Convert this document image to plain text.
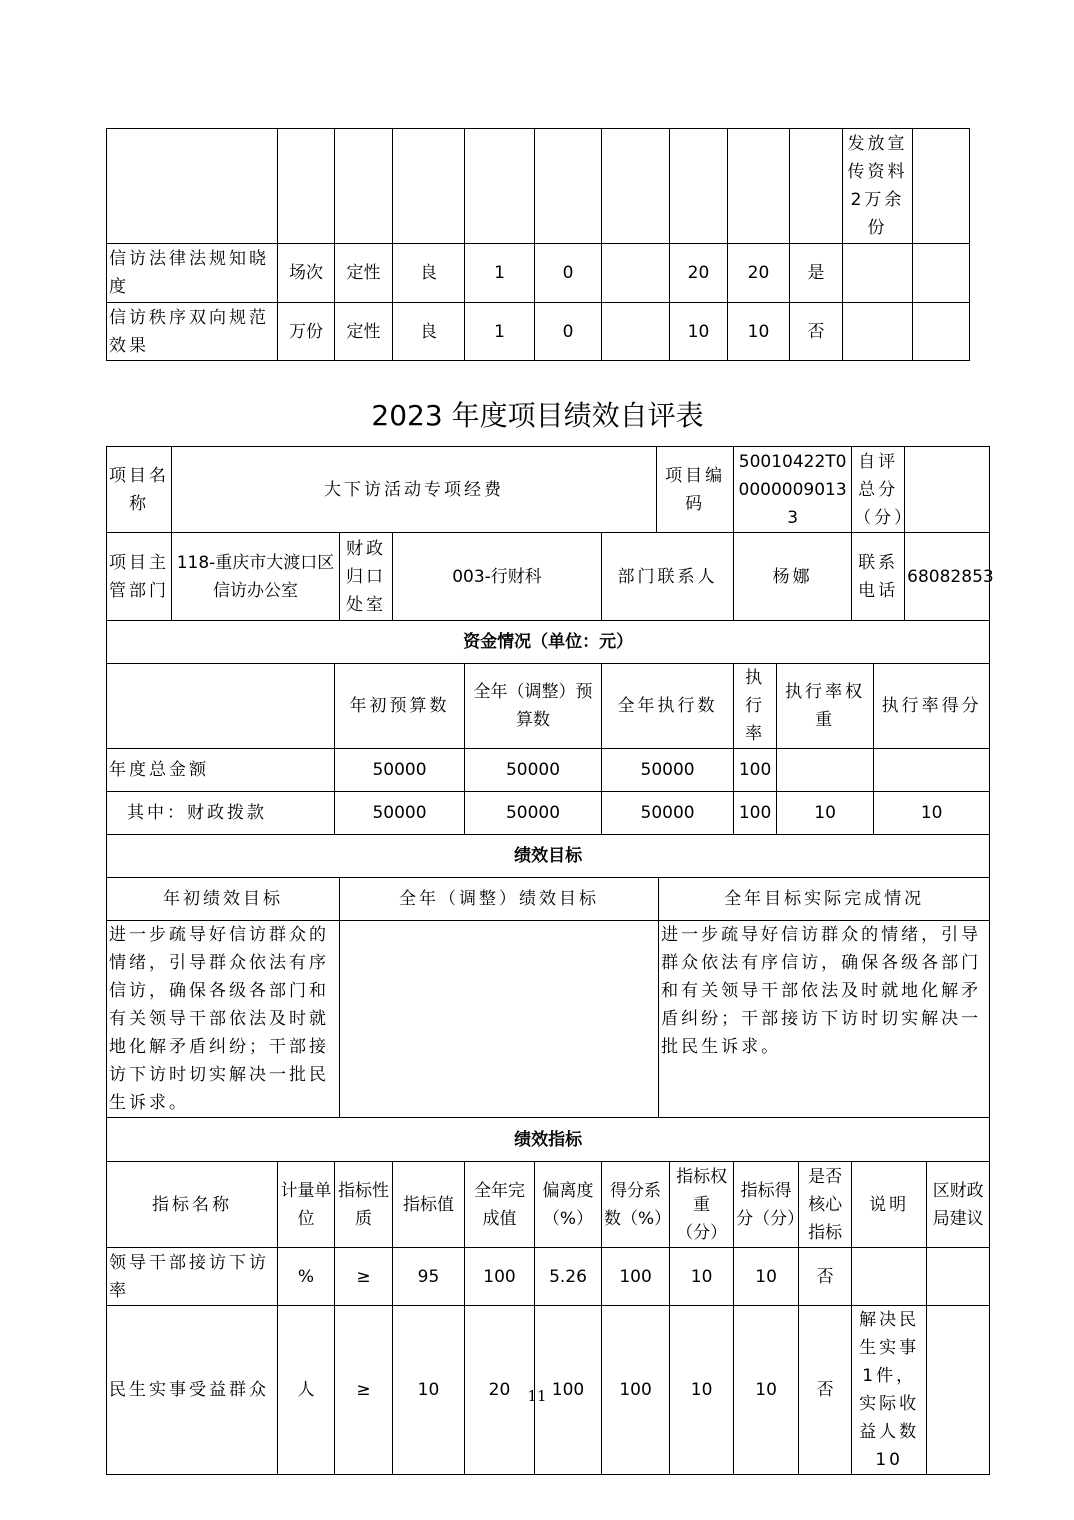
										发放宣传资料2万余份	
信访法律法规知晓度	场次	定性	良	1	0		20	20	是		
信访秩序双向规范效果	万份	定性	良	1	0		10	10	否		
2023 年度项目绩效自评表
项目名称	大下访活动专项经费								项目编码			50010422T000000090133			自评总分（分）			
项目主管部门	118-重庆市大渡口区信访办公室			财政归口处室	003-行财科			部门联系人				杨娜			联系电话		68082853	
资金情况（单位：元）																		
			年初预算数			全年（调整）预算数		全年执行数				执行率	执行率权重			执行率得分		
年度总金额			50000			50000		50000				100						
其中：财政拨款			50000			50000		50000				100	10			10		
绩效目标																		
年初绩效目标				全年（调整）绩效目标						全年目标实际完成情况								
进一步疏导好信访群众的情绪，引导群众依法有序信访，确保各级各部门和有关领导干部依法及时就地化解矛盾纠纷；干部接访下访时切实解决一批民生诉求。										进一步疏导好信访群众的情绪，引导群众依法有序信访，确保各级各部门和有关领导干部依法及时就地化解矛盾纠纷；干部接访下访时切实解决一批民生诉求。								
绩效指标																		
指标名称		计量单位	指标性质		指标值	全年完成值	偏离度（%）	得分系数（%）			指标权重（分）	指标得分（分）		是否核心指标	说明			区财政局建议
领导干部接访下访率		%	≥		95	100	5.26	100			10	10		否				
民生实事受益群众		人	≥		10	20	100	100			10	10		否	解决民生实事1件，实际收益人数10			
11
